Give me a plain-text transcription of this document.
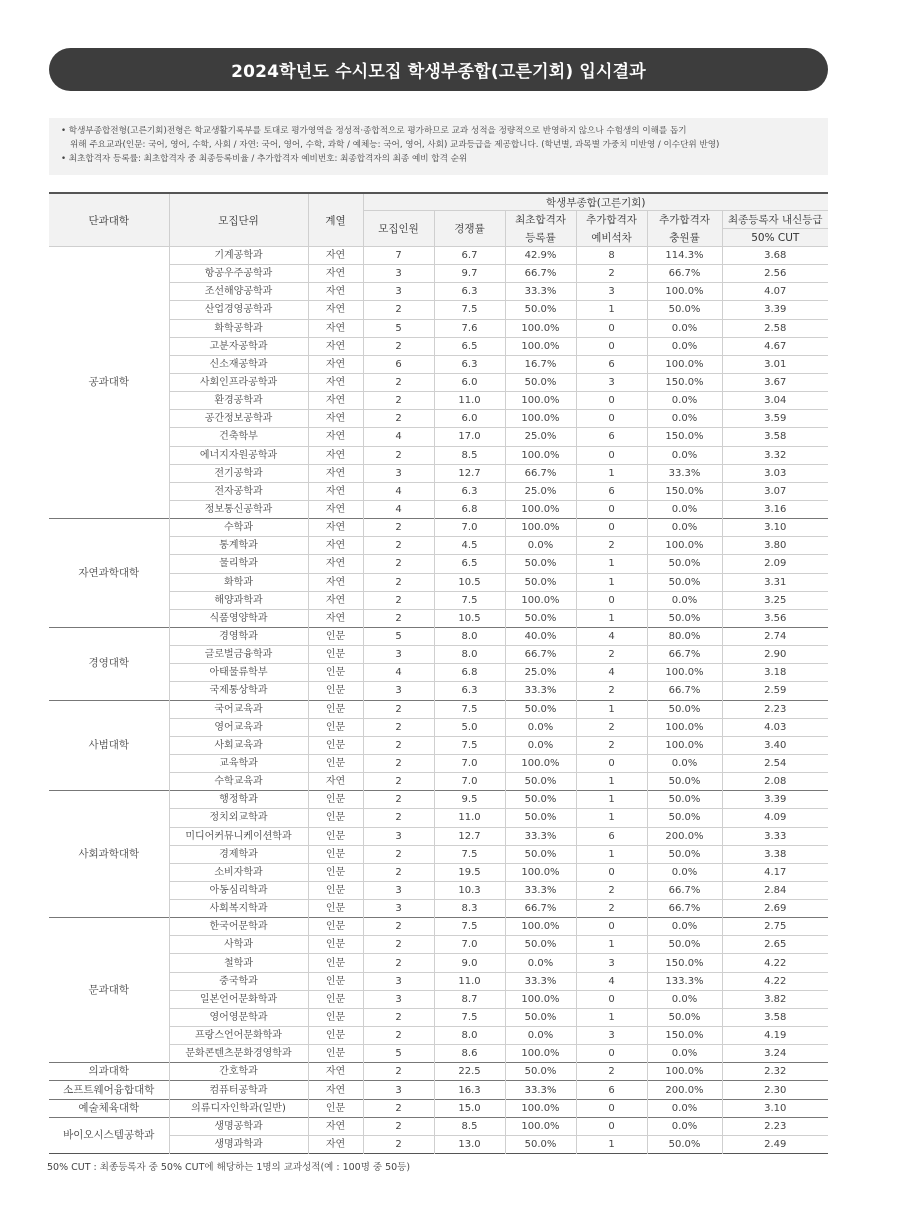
2024학년도 수시모집 학생부종합(고른기회) 입시결과
• 학생부종합전형(고른기회)전형은 학교생활기록부를 토대로 평가영역을 정성적·종합적으로 평가하므로 교과 성적을 정량적으로 반영하지 않으나 수험생의 이해를 돕기
위해 주요교과(인문: 국어, 영어, 수학, 사회 / 자연: 국어, 영어, 수학, 과학 / 예체능: 국어, 영어, 사회) 교과등급을 제공합니다. (학년별, 과목별 가중치 미반영 / 이수단위 반영)
• 최초합격자 등록률: 최초합격자 중 최종등록비율 / 추가합격자 예비번호: 최종합격자의 최종 예비 합격 순위
단과대학	모집단위	계열	학생부종합(고른기회)					
			모집인원	경쟁률	최초합격자	추가합격자	추가합격자	최종등록자 내신등급
					등록률	예비석차	충원률	50% CUT
공과대학	기계공학과	자연	7	6.7	42.9%	8	114.3%	3.68
	항공우주공학과	자연	3	9.7	66.7%	2	66.7%	2.56
	조선해양공학과	자연	3	6.3	33.3%	3	100.0%	4.07
	산업경영공학과	자연	2	7.5	50.0%	1	50.0%	3.39
	화학공학과	자연	5	7.6	100.0%	0	0.0%	2.58
	고분자공학과	자연	2	6.5	100.0%	0	0.0%	4.67
	신소재공학과	자연	6	6.3	16.7%	6	100.0%	3.01
	사회인프라공학과	자연	2	6.0	50.0%	3	150.0%	3.67
	환경공학과	자연	2	11.0	100.0%	0	0.0%	3.04
	공간정보공학과	자연	2	6.0	100.0%	0	0.0%	3.59
	건축학부	자연	4	17.0	25.0%	6	150.0%	3.58
	에너지자원공학과	자연	2	8.5	100.0%	0	0.0%	3.32
	전기공학과	자연	3	12.7	66.7%	1	33.3%	3.03
	전자공학과	자연	4	6.3	25.0%	6	150.0%	3.07
	정보통신공학과	자연	4	6.8	100.0%	0	0.0%	3.16
자연과학대학	수학과	자연	2	7.0	100.0%	0	0.0%	3.10
	통계학과	자연	2	4.5	0.0%	2	100.0%	3.80
	물리학과	자연	2	6.5	50.0%	1	50.0%	2.09
	화학과	자연	2	10.5	50.0%	1	50.0%	3.31
	해양과학과	자연	2	7.5	100.0%	0	0.0%	3.25
	식품영양학과	자연	2	10.5	50.0%	1	50.0%	3.56
경영대학	경영학과	인문	5	8.0	40.0%	4	80.0%	2.74
	글로벌금융학과	인문	3	8.0	66.7%	2	66.7%	2.90
	아태물류학부	인문	4	6.8	25.0%	4	100.0%	3.18
	국제통상학과	인문	3	6.3	33.3%	2	66.7%	2.59
사범대학	국어교육과	인문	2	7.5	50.0%	1	50.0%	2.23
	영어교육과	인문	2	5.0	0.0%	2	100.0%	4.03
	사회교육과	인문	2	7.5	0.0%	2	100.0%	3.40
	교육학과	인문	2	7.0	100.0%	0	0.0%	2.54
	수학교육과	자연	2	7.0	50.0%	1	50.0%	2.08
사회과학대학	행정학과	인문	2	9.5	50.0%	1	50.0%	3.39
	정치외교학과	인문	2	11.0	50.0%	1	50.0%	4.09
	미디어커뮤니케이션학과	인문	3	12.7	33.3%	6	200.0%	3.33
	경제학과	인문	2	7.5	50.0%	1	50.0%	3.38
	소비자학과	인문	2	19.5	100.0%	0	0.0%	4.17
	아동심리학과	인문	3	10.3	33.3%	2	66.7%	2.84
	사회복지학과	인문	3	8.3	66.7%	2	66.7%	2.69
문과대학	한국어문학과	인문	2	7.5	100.0%	0	0.0%	2.75
	사학과	인문	2	7.0	50.0%	1	50.0%	2.65
	철학과	인문	2	9.0	0.0%	3	150.0%	4.22
	중국학과	인문	3	11.0	33.3%	4	133.3%	4.22
	일본언어문화학과	인문	3	8.7	100.0%	0	0.0%	3.82
	영어영문학과	인문	2	7.5	50.0%	1	50.0%	3.58
	프랑스언어문화학과	인문	2	8.0	0.0%	3	150.0%	4.19
	문화콘텐츠문화경영학과	인문	5	8.6	100.0%	0	0.0%	3.24
의과대학	간호학과	자연	2	22.5	50.0%	2	100.0%	2.32
소프트웨어융합대학	컴퓨터공학과	자연	3	16.3	33.3%	6	200.0%	2.30
예술체육대학	의류디자인학과(일반)	인문	2	15.0	100.0%	0	0.0%	3.10
바이오시스템공학과	생명공학과	자연	2	8.5	100.0%	0	0.0%	2.23
	생명과학과	자연	2	13.0	50.0%	1	50.0%	2.49
50% CUT : 최종등록자 중 50% CUT에 해당하는 1명의 교과성적(예 : 100명 중 50등)
